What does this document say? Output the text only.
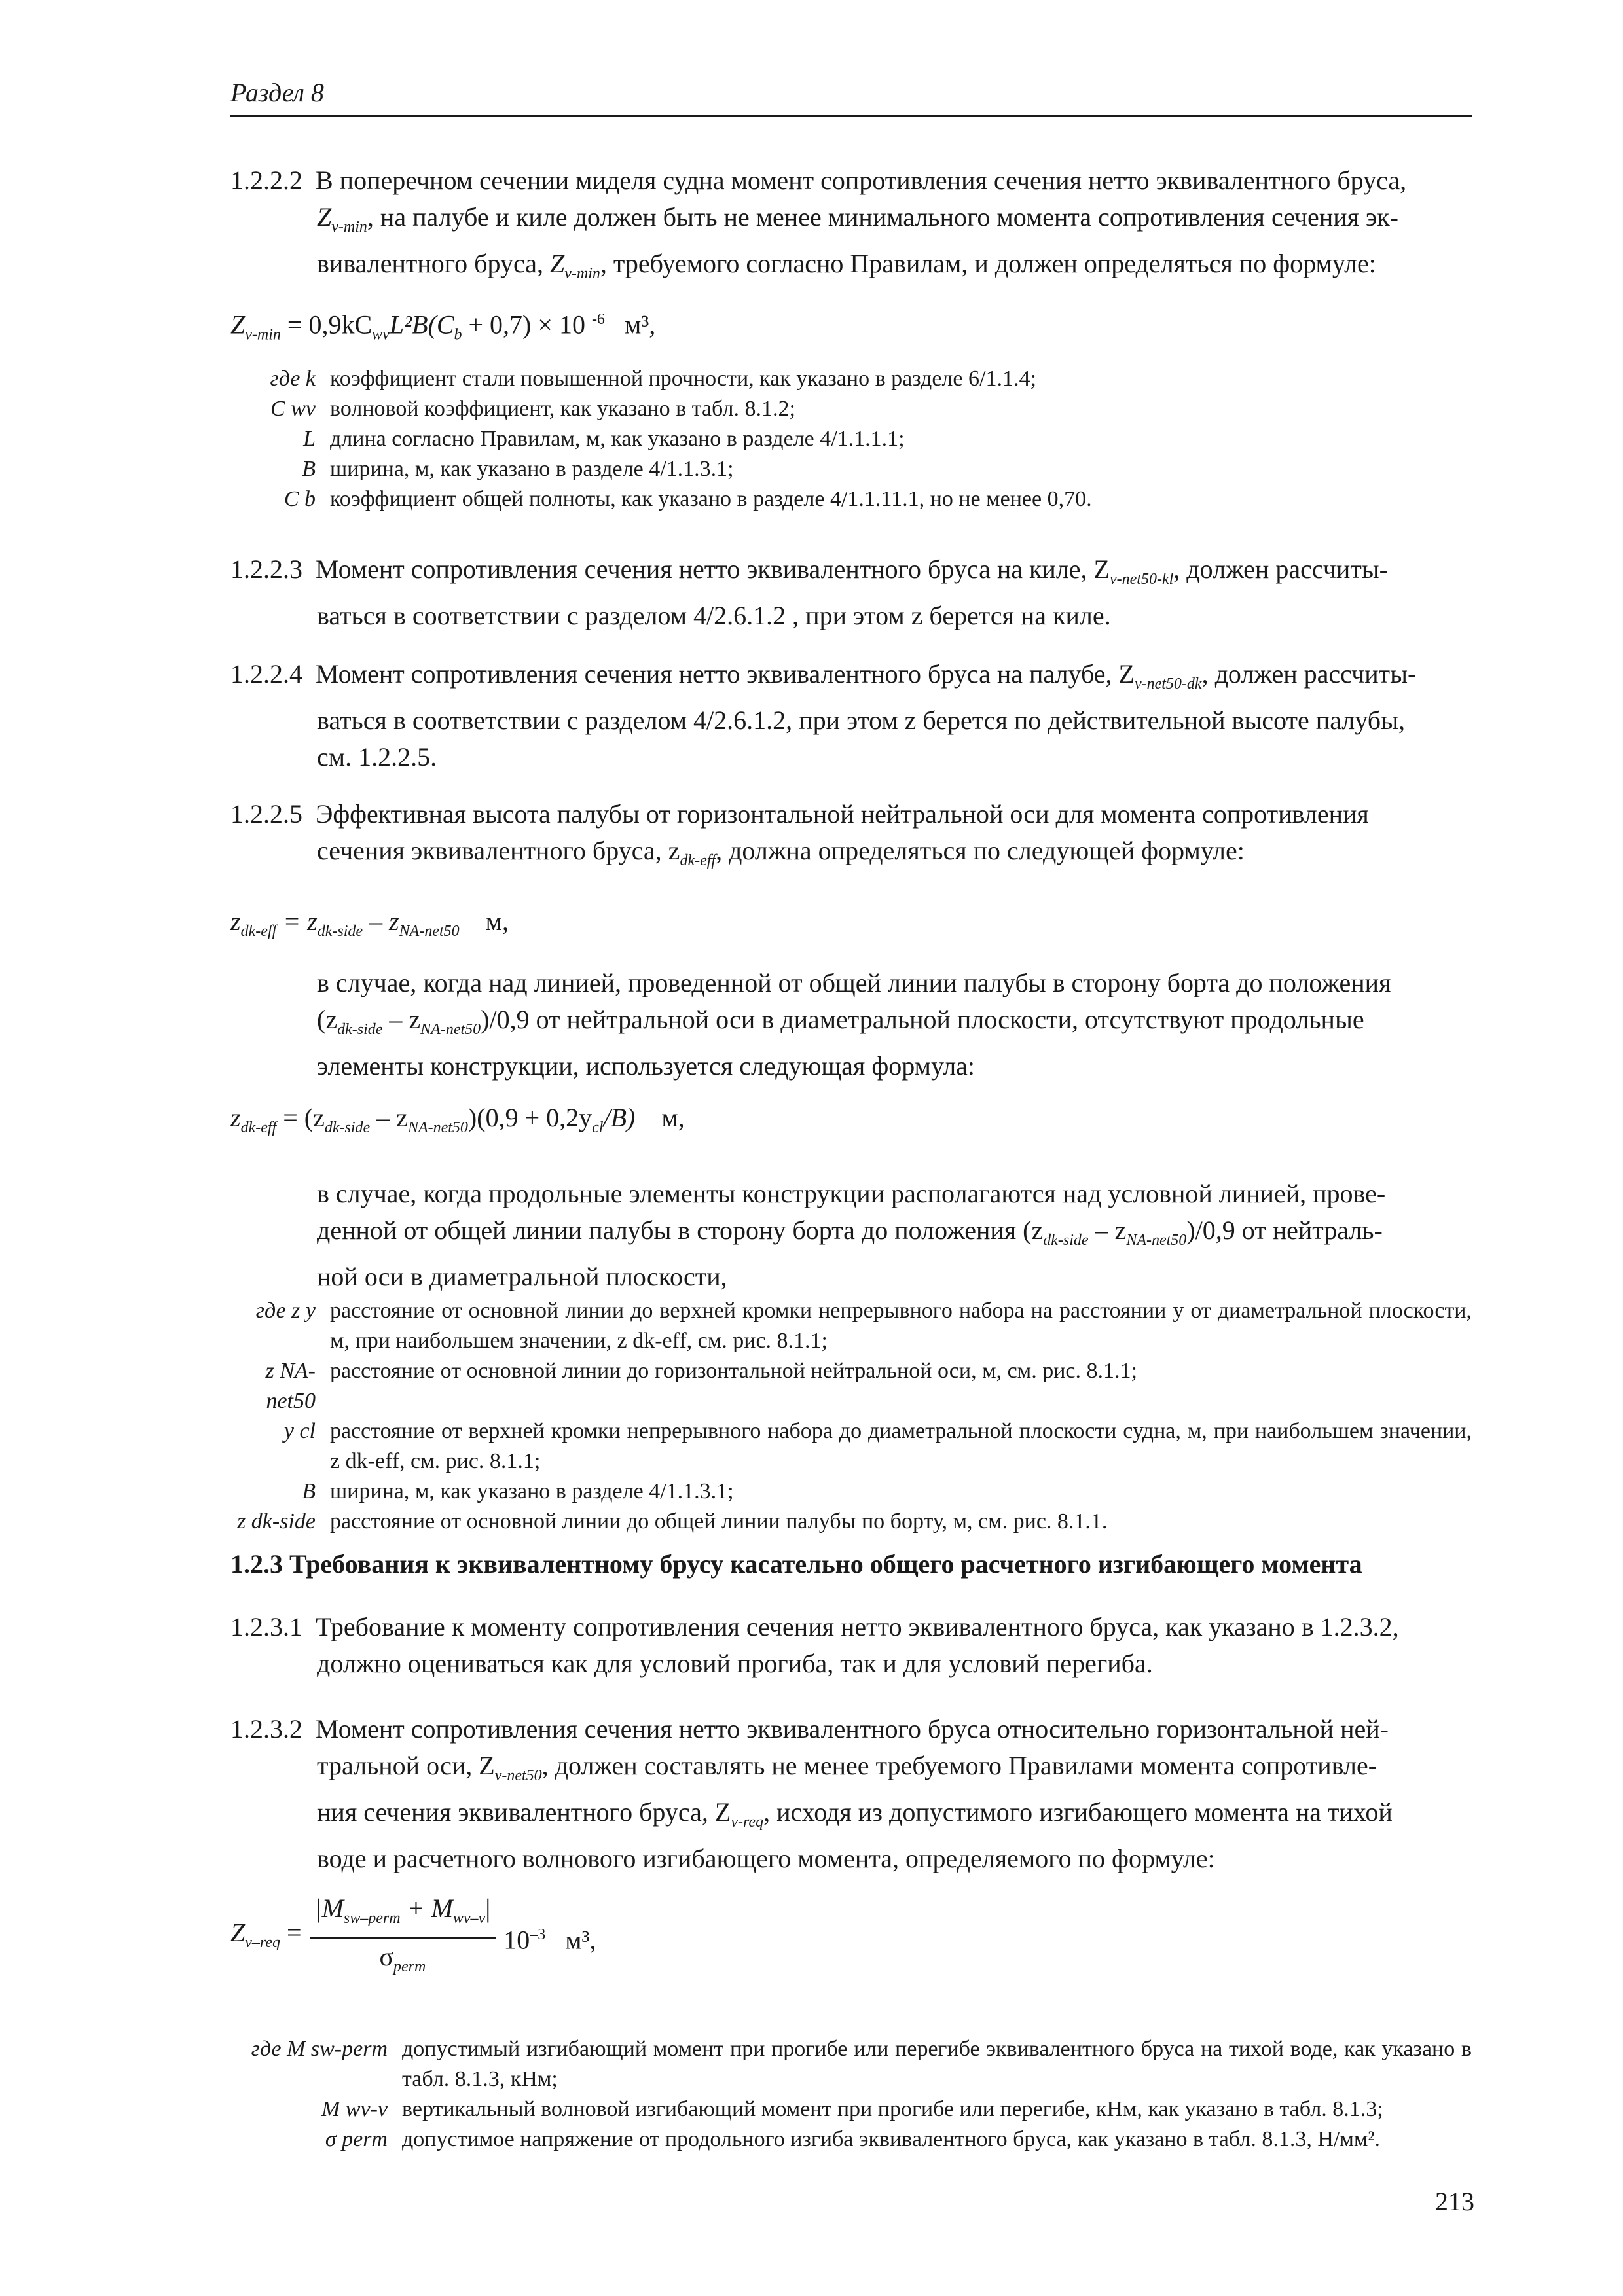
Раздел 8
1.2.2.2 В поперечном сечении миделя судна момент сопротивления сечения нетто эквивалентного бруса,
$Z_{v-min}$, на палубе и киле должен быть не менее минимального момента сопротивления сечения эк-
вивалентного бруса, $Z_{v-min}$, требуемого согласно Правилам, и должен определяться по формуле:
$Z_{v-min} = 0,9kC_{wv}L^2B(C_b + 0,7) \times 10$ $^{-6}$ м³,
где k коэффициент стали повышенной прочности, как указано в разделе 6/1.1.4;
C wv волновой коэффициент, как указано в табл. 8.1.2;
L длина согласно Правилам, м, как указано в разделе 4/1.1.1.1;
B ширина, м, как указано в разделе 4/1.1.3.1;
C b коэффициент общей полноты, как указано в разделе 4/1.1.11.1, но не менее 0,70.
1.2.2.3 Момент сопротивления сечения нетто эквивалентного бруса на киле, $Z_{v-net50-kl}$, должен рассчиты-
ваться в соответствии с разделом 4/2.6.1.2 , при этом z берется на киле.
1.2.2.4 Момент сопротивления сечения нетто эквивалентного бруса на палубе, $Z_{v-net50-dk}$, должен рассчиты-
ваться в соответствии с разделом 4/2.6.1.2, при этом z берется по действительной высоте палубы,
см. 1.2.2.5.
1.2.2.5 Эффективная высота палубы от горизонтальной нейтральной оси для момента сопротивления
сечения эквивалентного бруса, $z_{dk-eff}$, должна определяться по следующей формуле:
$z_{dk-eff} = z_{dk-side} - z_{NA-net50}$ м,
в случае, когда над линией, проведенной от общей линии палубы в сторону борта до положения
$(z_{dk-side} - z_{NA-net50})/0,9$ от нейтральной оси в диаметральной плоскости, отсутствуют продольные
элементы конструкции, используется следующая формула:
$z_{dk-eff} = (z_{dk-side} - z_{NA-net50})(0,9 + 0,2y_{cl}/B)$ м,
в случае, когда продольные элементы конструкции располагаются над условной линией, прове-
денной от общей линии палубы в сторону борта до положения $(z_{dk-side} - z_{NA-net50})/0,9$ от нейтраль-
ной оси в диаметральной плоскости,
где z y расстояние от основной линии до верхней кромки непрерывного набора на расстоянии y от диаметральной плоскости, м, при наибольшем значении, z dk-eff, см. рис. 8.1.1;
z NA-net50
расстояние от основной линии до горизонтальной нейтральной оси, м, см. рис. 8.1.1;
y cl расстояние от верхней кромки непрерывного набора до диаметральной плоскости судна, м, при наибольшем значении, z dk-eff, см. рис. 8.1.1;
B ширина, м, как указано в разделе 4/1.1.3.1;
z dk-side расстояние от основной линии до общей линии палубы по борту, м, см. рис. 8.1.1.
1.2.3 Требования к эквивалентному брусу касательно общего расчетного изгибающего момента
1.2.3.1 Требование к моменту сопротивления сечения нетто эквивалентного бруса, как указано в 1.2.3.2,
должно оцениваться как для условий прогиба, так и для условий перегиба.
1.2.3.2 Момент сопротивления сечения нетто эквивалентного бруса относительно горизонтальной ней-
тральной оси, $Z_{v-net50}$, должен составлять не менее требуемого Правилами момента сопротивле-
ния сечения эквивалентного бруса, $Z_{v-req}$, исходя из допустимого изгибающего момента на тихой
воде и расчетного волнового изгибающего момента, определяемого по формуле:
$Z_{v-req} = \frac{|M_{sw-perm} + M_{wv-v}|}{\sigma_{perm}} 10^{-3}$ м³,
где M sw-perm допустимый изгибающий момент при прогибе или перегибе эквивалентного бруса на тихой воде, как указано в табл. 8.1.3, кНм;
M wv-v вертикальный волновой изгибающий момент при прогибе или перегибе, кНм, как указано в табл. 8.1.3;
σ perm допустимое напряжение от продольного изгиба эквивалентного бруса, как указано в табл. 8.1.3, Н/мм².
213
